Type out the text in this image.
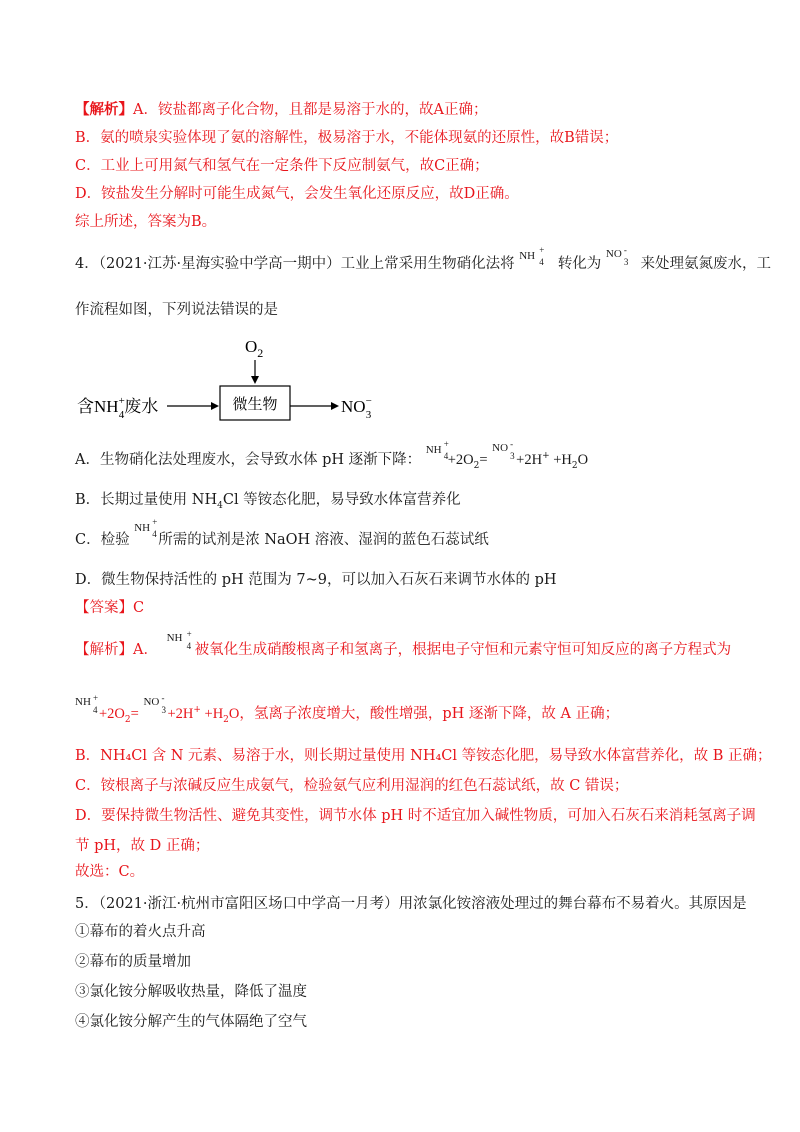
【解析】A．铵盐都离子化合物，且都是易溶于水的，故A正确；
B．氨的喷泉实验体现了氨的溶解性，极易溶于水，不能体现氨的还原性，故B错误；
C．工业上可用氮气和氢气在一定条件下反应制氨气，故C正确；
D．铵盐发生分解时可能生成氮气，会发生氧化还原反应，故D正确。
综上所述，答案为B。
4．（2021·江苏·星海实验中学高一期中）工业上常采用生物硝化法将 NH +
4 转化为
NO -
3 来处理氨氮废水，工
作流程如图，下列说法错误的是
$O_2$
含NH+ 4废水	微生物	NO− 3
A．生物硝化法处理废水，会导致水体 pH 逐渐下降：
NH +
$4 +2O_2=$
NO -
$3 +2H^+ +H_2O$
B．长期过量使用 $NH_4Cl$ 等铵态化肥，易导致水体富营养化
C．检验
NH +
4 所需的试剂是浓 NaOH 溶液、湿润的蓝色石蕊试纸
D．微生物保持活性的 pH 范围为 7~9，可以加入石灰石来调节水体的 pH
【答案】C
【解析】A．
NH +
4 被氧化生成硝酸根离子和氢离子，根据电子守恒和元素守恒可知反应的离子方程式为
NH +
$4 +2O_2=$
NO -
$3 +2H^+ +H_2O$，氢离子浓度增大，酸性增强，pH 逐渐下降，故 A 正确；
B．NH₄Cl 含 N 元素、易溶于水，则长期过量使用 NH₄Cl 等铵态化肥，易导致水体富营养化，故 B 正确；
C．铵根离子与浓碱反应生成氨气，检验氨气应利用湿润的红色石蕊试纸，故 C 错误；
D．要保持微生物活性、避免其变性，调节水体 pH 时不适宜加入碱性物质，可加入石灰石来消耗氢离子调
节 pH，故 D 正确；
故选：C。
5．（2021·浙江·杭州市富阳区场口中学高一月考）用浓氯化铵溶液处理过的舞台幕布不易着火。其原因是
①幕布的着火点升高
②幕布的质量增加
③氯化铵分解吸收热量，降低了温度
④氯化铵分解产生的气体隔绝了空气
